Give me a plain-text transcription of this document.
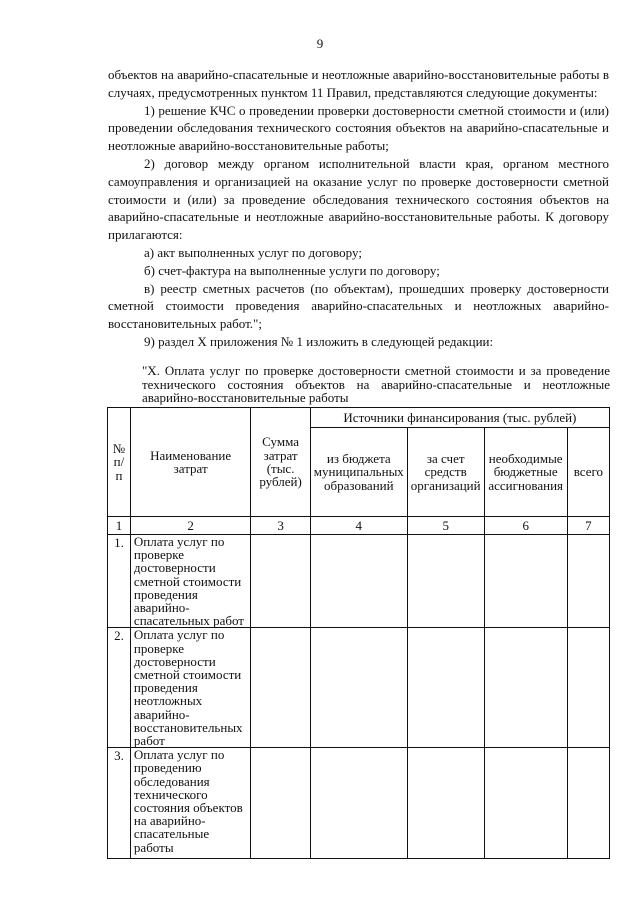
9

объектов на аварийно-спасательные и неотложные аварийно-восстановительные работы в случаях, предусмотренных пунктом 11 Правил, представляются следующие документы:

1) решение КЧС о проведении проверки достоверности сметной стоимости и (или) проведении обследования технического состояния объектов на аварийно-спасательные и неотложные аварийно-восстановительные работы;

2) договор между органом исполнительной власти края, органом местного самоуправления и организацией на оказание услуг по проверке достоверности сметной стоимости и (или) за проведение обследования технического состояния объектов на аварийно-спасательные и неотложные аварийно-восстановительные работы. К договору прилагаются:

а) акт выполненных услуг по договору;

б) счет-фактура на выполненные услуги по договору;

в) реестр сметных расчетов (по объектам), прошедших проверку достоверности сметной стоимости проведения аварийно-спасательных и неотложных аварийно-восстановительных работ.";

9) раздел X приложения № 1 изложить в следующей редакции:

"X. Оплата услуг по проверке достоверности сметной стоимости и за проведение технического состояния объектов на аварийно-спасательные и неотложные аварийно-восстановительные работы

№ п/п	Наименование затрат	Сумма затрат (тыс. рублей)	Источники финансирования (тыс. рублей)			
			из бюджета муниципальных образований	за счет средств организаций	необходимые бюджетные ассигнования	всего
1	2	3	4	5	6	7
1.	Оплата услуг по проверке достоверности сметной стоимости проведения аварийно-спасательных работ					
2.	Оплата услуг по проверке достоверности сметной стоимости проведения неотложных аварийно-восстановительных работ					
3.	Оплата услуг по проведению обследования технического состояния объектов на аварийно-спасательные работы					
